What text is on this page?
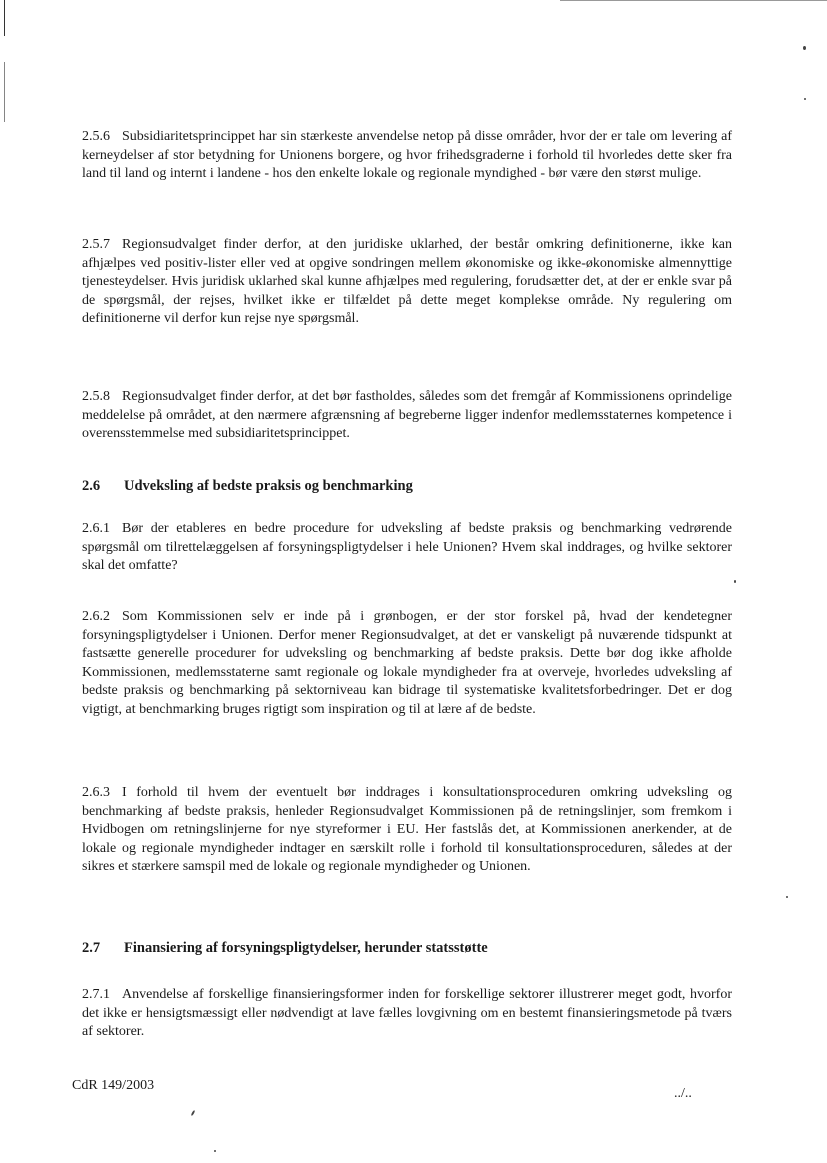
2.5.6 Subsidiaritetsprincippet har sin stærkeste anvendelse netop på disse områder, hvor der er tale om levering af kerneydelser af stor betydning for Unionens borgere, og hvor frihedsgraderne i forhold til hvorledes dette sker fra land til land og internt i landene - hos den enkelte lokale og regionale myndighed - bør være den størst mulige.

2.5.7 Regionsudvalget finder derfor, at den juridiske uklarhed, der består omkring definitionerne, ikke kan afhjælpes ved positiv-lister eller ved at opgive sondringen mellem økonomiske og ikke-økonomiske almennyttige tjenesteydelser. Hvis juridisk uklarhed skal kunne afhjælpes med regulering, forudsætter det, at der er enkle svar på de spørgsmål, der rejses, hvilket ikke er tilfældet på dette meget komplekse område. Ny regulering om definitionerne vil derfor kun rejse nye spørgsmål.

2.5.8 Regionsudvalget finder derfor, at det bør fastholdes, således som det fremgår af Kommissionens oprindelige meddelelse på området, at den nærmere afgrænsning af begreberne ligger indenfor medlemsstaternes kompetence i overensstemmelse med subsidiaritetsprincippet.

2.6 Udveksling af bedste praksis og benchmarking

2.6.1 Bør der etableres en bedre procedure for udveksling af bedste praksis og benchmarking vedrørende spørgsmål om tilrettelæggelsen af forsyningspligtydelser i hele Unionen? Hvem skal inddrages, og hvilke sektorer skal det omfatte?

2.6.2 Som Kommissionen selv er inde på i grønbogen, er der stor forskel på, hvad der kendetegner forsyningspligtydelser i Unionen. Derfor mener Regionsudvalget, at det er vanskeligt på nuværende tidspunkt at fastsætte generelle procedurer for udveksling og benchmarking af bedste praksis. Dette bør dog ikke afholde Kommissionen, medlemsstaterne samt regionale og lokale myndigheder fra at overveje, hvorledes udveksling af bedste praksis og benchmarking på sektorniveau kan bidrage til systematiske kvalitetsforbedringer. Det er dog vigtigt, at benchmarking bruges rigtigt som inspiration og til at lære af de bedste.

2.6.3 I forhold til hvem der eventuelt bør inddrages i konsultationsproceduren omkring udveksling og benchmarking af bedste praksis, henleder Regionsudvalget Kommissionen på de retningslinjer, som fremkom i Hvidbogen om retningslinjerne for nye styreformer i EU. Her fastslås det, at Kommissionen anerkender, at de lokale og regionale myndigheder indtager en særskilt rolle i forhold til konsultationsproceduren, således at der sikres et stærkere samspil med de lokale og regionale myndigheder og Unionen.

2.7 Finansiering af forsyningspligtydelser, herunder statsstøtte

2.7.1 Anvendelse af forskellige finansieringsformer inden for forskellige sektorer illustrerer meget godt, hvorfor det ikke er hensigtsmæssigt eller nødvendigt at lave fælles lovgivning om en bestemt finansieringsmetode på tværs af sektorer.

CdR 149/2003
../..
